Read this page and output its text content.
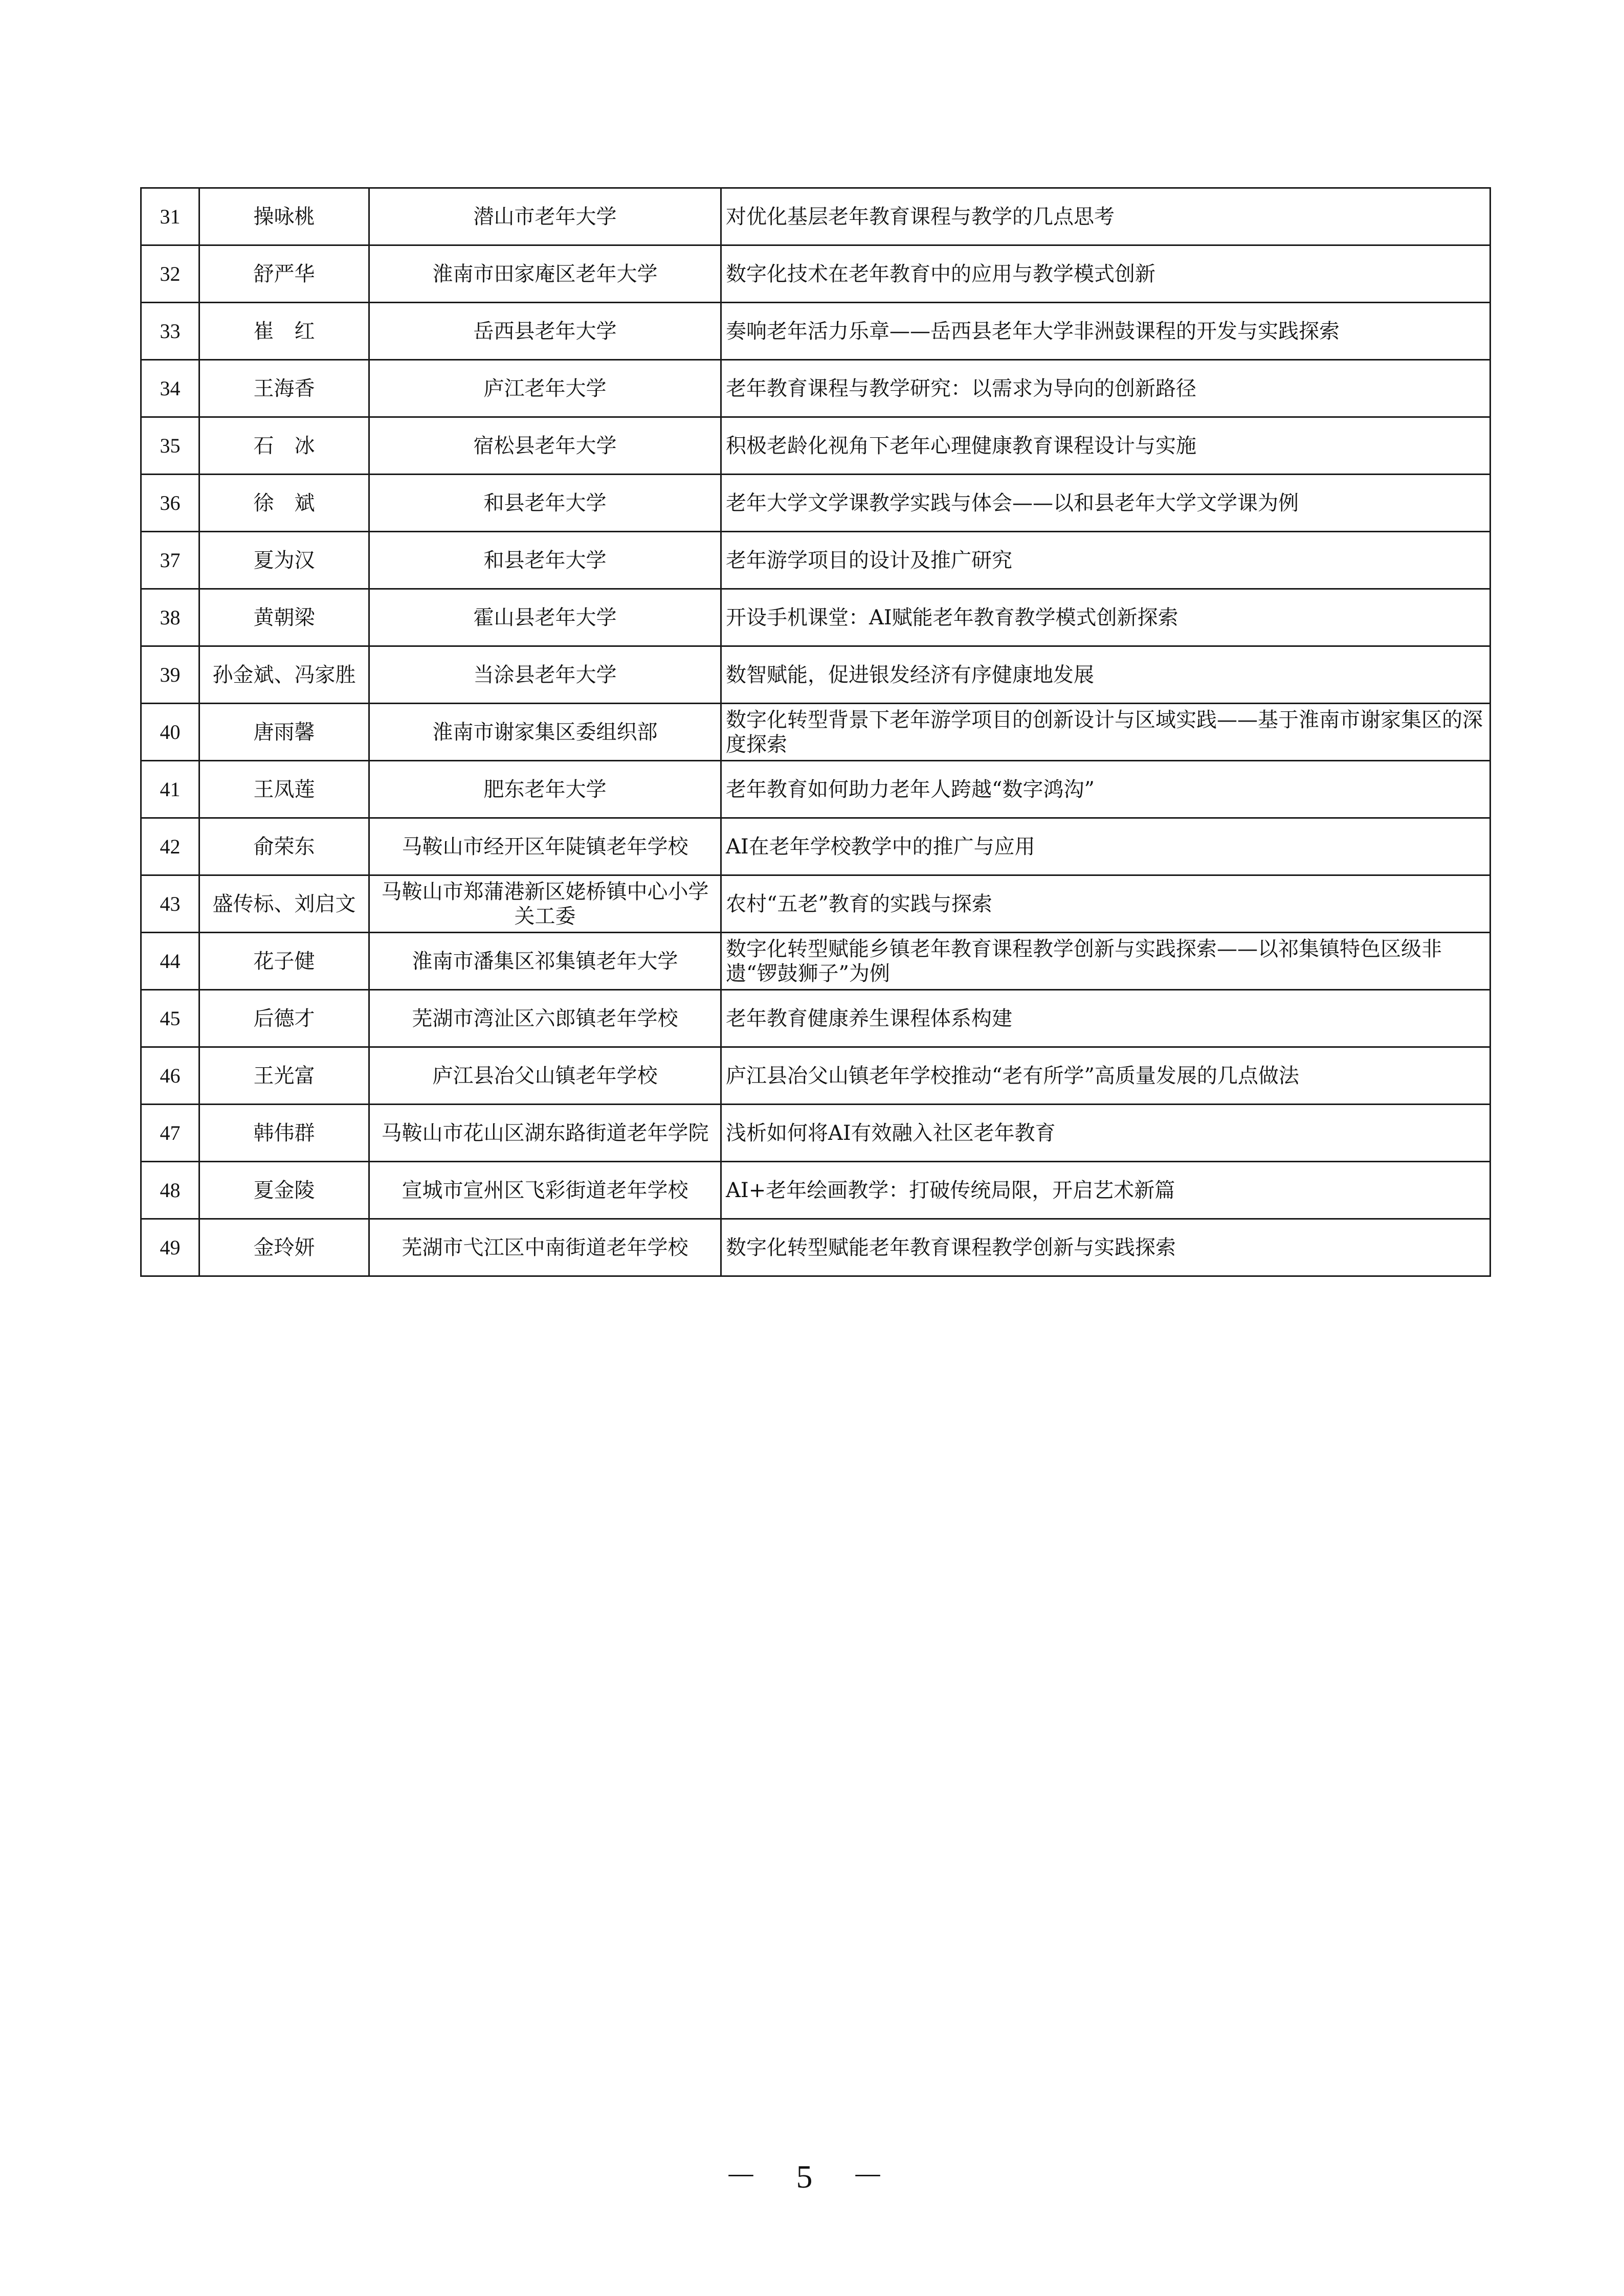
31	操咏桃	潜山市老年大学	对优化基层老年教育课程与教学的几点思考
32	舒严华	淮南市田家庵区老年大学	数字化技术在老年教育中的应用与教学模式创新
33	崔　红	岳西县老年大学	奏响老年活力乐章——岳西县老年大学非洲鼓课程的开发与实践探索
34	王海香	庐江老年大学	老年教育课程与教学研究：以需求为导向的创新路径
35	石　冰	宿松县老年大学	积极老龄化视角下老年心理健康教育课程设计与实施
36	徐　斌	和县老年大学	老年大学文学课教学实践与体会——以和县老年大学文学课为例
37	夏为汉	和县老年大学	老年游学项目的设计及推广研究
38	黄朝梁	霍山县老年大学	开设手机课堂：AI赋能老年教育教学模式创新探索
39	孙金斌、冯家胜	当涂县老年大学	数智赋能，促进银发经济有序健康地发展
40	唐雨馨	淮南市谢家集区委组织部	数字化转型背景下老年游学项目的创新设计与区域实践——基于淮南市谢家集区的深度探索
41	王凤莲	肥东老年大学	老年教育如何助力老年人跨越“数字鸿沟”
42	俞荣东	马鞍山市经开区年陡镇老年学校	AI在老年学校教学中的推广与应用
43	盛传标、刘启文	马鞍山市郑蒲港新区姥桥镇中心小学关工委	农村“五老”教育的实践与探索
44	花子健	淮南市潘集区祁集镇老年大学	数字化转型赋能乡镇老年教育课程教学创新与实践探索——以祁集镇特色区级非遗“锣鼓狮子”为例
45	后德才	芜湖市湾沚区六郎镇老年学校	老年教育健康养生课程体系构建
46	王光富	庐江县冶父山镇老年学校	庐江县冶父山镇老年学校推动“老有所学”高质量发展的几点做法
47	韩伟群	马鞍山市花山区湖东路街道老年学院	浅析如何将AI有效融入社区老年教育
48	夏金陵	宣城市宣州区飞彩街道老年学校	AI+老年绘画教学：打破传统局限，开启艺术新篇
49	金玲妍	芜湖市弋江区中南街道老年学校	数字化转型赋能老年教育课程教学创新与实践探索
－ 5 －
